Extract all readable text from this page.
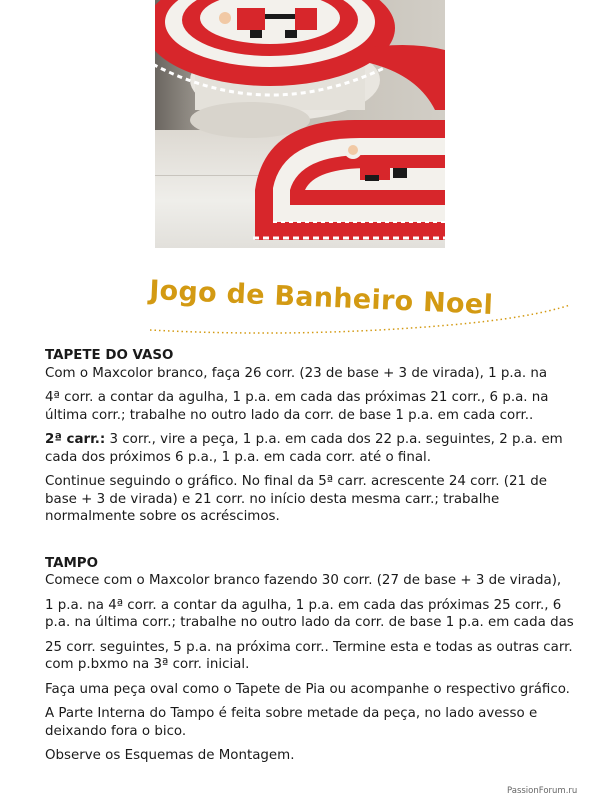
Jogo de Banheiro Noel
TAPETE DO VASO

Com o Maxcolor branco, faça 26 corr. (23 de base + 3 de virada), 1 p.a. na

4ª corr. a contar da agulha, 1 p.a. em cada das próximas 21 corr., 6 p.a. na última corr.; trabalhe no outro lado da corr. de base 1 p.a. em cada corr..

2ª carr.: 3 corr., vire a peça, 1 p.a. em cada dos 22 p.a. seguintes, 2 p.a. em cada dos próximos 6 p.a., 1 p.a. em cada corr. até o final.

Continue seguindo o gráfico. No final da 5ª carr. acrescente 24 corr. (21 de base + 3 de virada) e 21 corr. no início desta mesma carr.; trabalhe normalmente sobre os acréscimos.

TAMPO

Comece com o Maxcolor branco fazendo 30 corr. (27 de base + 3 de virada),

1 p.a. na 4ª corr. a contar da agulha, 1 p.a. em cada das próximas 25 corr., 6 p.a. na última corr.; trabalhe no outro lado da corr. de base 1 p.a. em cada das

25 corr. seguintes, 5 p.a. na próxima corr.. Termine esta e todas as outras carr. com p.bxmo na 3ª corr. inicial.

Faça uma peça oval como o Tapete de Pia ou acompanhe o respectivo gráfico.

A Parte Interna do Tampo é feita sobre metade da peça, no lado avesso e deixando fora o bico.

Observe os Esquemas de Montagem.

PassionForum.ru
